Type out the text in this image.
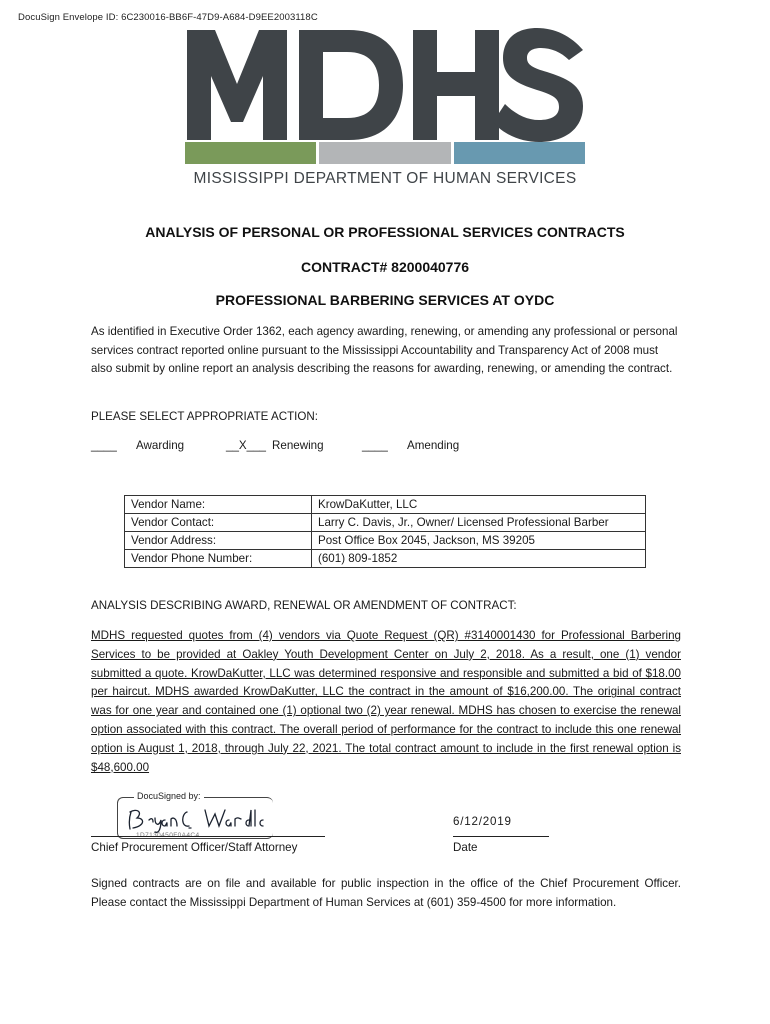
DocuSign Envelope ID: 6C230016-BB6F-47D9-A684-D9EE2003118C
MISSISSIPPI DEPARTMENT OF HUMAN SERVICES
ANALYSIS OF PERSONAL OR PROFESSIONAL SERVICES CONTRACTS
CONTRACT# 8200040776
PROFESSIONAL BARBERING SERVICES AT OYDC
As identified in Executive Order 1362, each agency awarding, renewing, or amending any professional or personal services contract reported online pursuant to the Mississippi Accountability and Transparency Act of 2008 must also submit by online report an analysis describing the reasons for awarding, renewing, or amending the contract.
PLEASE SELECT APPROPRIATE ACTION:
____ Awarding	__X___ Renewing	____ Amending
Vendor Name:	KrowDaKutter, LLC
Vendor Contact:	Larry C. Davis, Jr., Owner/ Licensed Professional Barber
Vendor Address:	Post Office Box 2045, Jackson, MS 39205
Vendor Phone Number:	(601) 809-1852
ANALYSIS DESCRIBING AWARD, RENEWAL OR AMENDMENT OF CONTRACT:
MDHS requested quotes from (4) vendors via Quote Request (QR) #3140001430 for Professional Barbering Services to be provided at Oakley Youth Development Center on July 2, 2018. As a result, one (1) vendor submitted a quote. KrowDaKutter, LLC was determined responsive and responsible and submitted a bid of $18.00 per haircut. MDHS awarded KrowDaKutter, LLC the contract in the amount of $16,200.00. The original contract was for one year and contained one (1) optional two (2) year renewal. MDHS has chosen to exercise the renewal option associated with this contract. The overall period of performance for the contract to include this one renewal option is August 1, 2018, through July 22, 2021. The total contract amount to include in the first renewal option is $48,600.00
DocuSigned by:
1D7130450F0A4C4...
Chief Procurement Officer/Staff Attorney
6/12/2019
Date
Signed contracts are on file and available for public inspection in the office of the Chief Procurement Officer. Please contact the Mississippi Department of Human Services at (601) 359-4500 for more information.
